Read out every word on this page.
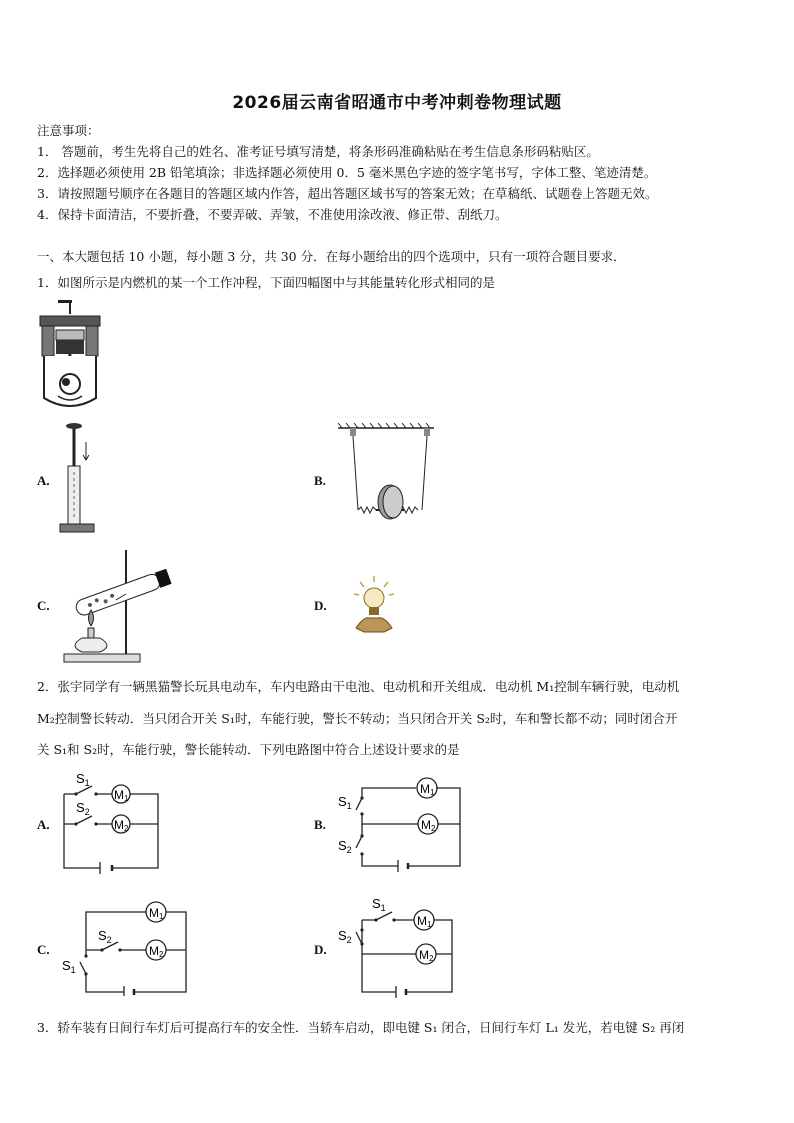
2026届云南省昭通市中考冲刺卷物理试题
注意事项：
1． 答题前，考生先将自己的姓名、准考证号填写清楚，将条形码准确粘贴在考生信息条形码粘贴区。
2．选择题必须使用 2B 铅笔填涂；非选择题必须使用 0．5 毫米黑色字迹的签字笔书写，字体工整、笔迹清楚。
3．请按照题号顺序在各题目的答题区域内作答，超出答题区域书写的答案无效；在草稿纸、试题卷上答题无效。
4．保持卡面清洁，不要折叠，不要弄破、弄皱，不准使用涂改液、修正带、刮纸刀。
一、本大题包括 10 小题，每小题 3 分，共 30 分．在每小题给出的四个选项中，只有一项符合题目要求．
1．如图所示是内燃机的某一个工作冲程，下面四幅图中与其能量转化形式相同的是
A.	B.
C.	D.
2．张宇同学有一辆黑猫警长玩具电动车，车内电路由干电池、电动机和开关组成．电动机 M₁控制车辆行驶，电动机
M₂控制警长转动．当只闭合开关 S₁时，车能行驶，警长不转动；当只闭合开关 S₂时，车和警长都不动；同时闭合开
关 S₁和 S₂时，车能行驶，警长能转动．下列电路图中符合上述设计要求的是
A.
$S_1$
$S_2$
M1
M2	B.
$S_1$
$S_2$
M1
M2
C.
$S_2$
$S_1$
M1
M2	D.
$S_1$
$S_2$
M1
M2
3．轿车装有日间行车灯后可提高行车的安全性．当轿车启动，即电键 S₁ 闭合，日间行车灯 L₁ 发光，若电键 S₂ 再闭
